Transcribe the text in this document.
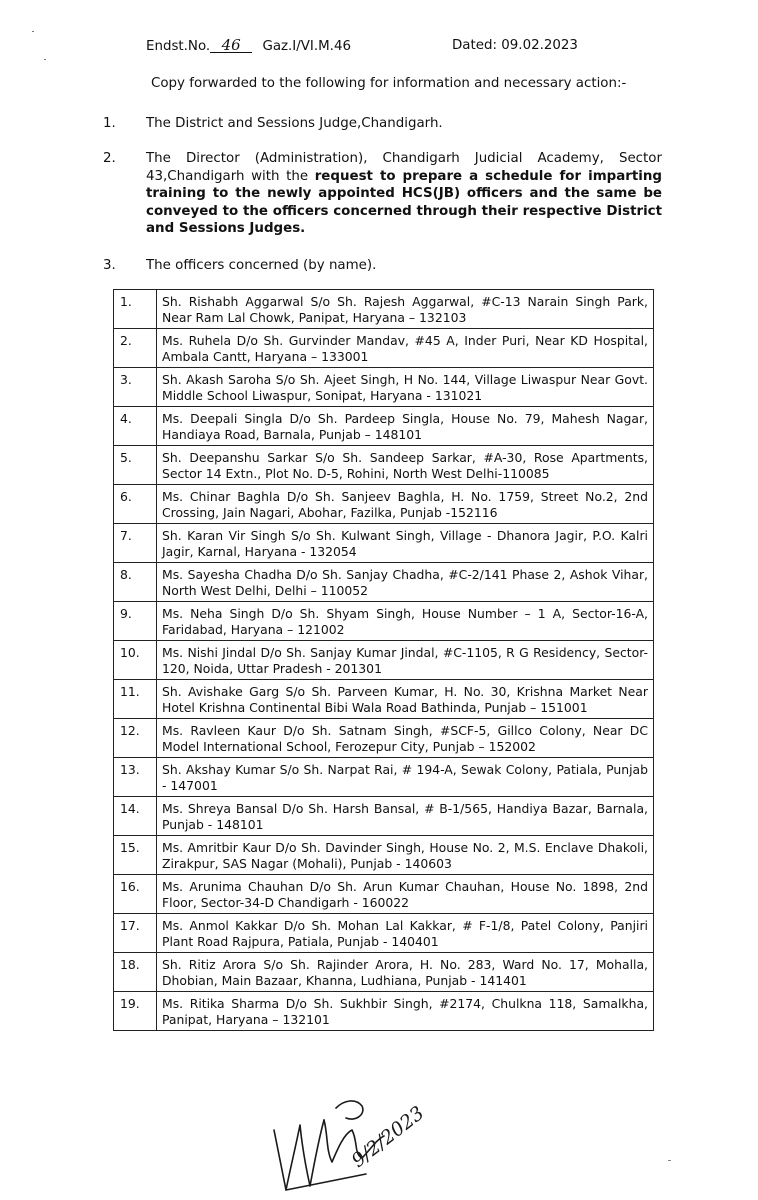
Endst.No. 46 Gaz.I/VI.M.46	Dated: 09.02.2023
Copy forwarded to the following for information and necessary action:-
1. The District and Sessions Judge,Chandigarh.
2. The Director (Administration), Chandigarh Judicial Academy, Sector 43,Chandigarh with the request to prepare a schedule for imparting training to the newly appointed HCS(JB) officers and the same be conveyed to the officers concerned through their respective District and Sessions Judges.
3. The officers concerned (by name).
1.	Sh. Rishabh Aggarwal S/o Sh. Rajesh Aggarwal, #C-13 Narain Singh Park, Near Ram Lal Chowk, Panipat, Haryana – 132103
2.	Ms. Ruhela D/o Sh. Gurvinder Mandav, #45 A, Inder Puri, Near KD Hospital, Ambala Cantt, Haryana – 133001
3.	Sh. Akash Saroha S/o Sh. Ajeet Singh, H No. 144, Village Liwaspur Near Govt. Middle School Liwaspur, Sonipat, Haryana - 131021
4.	Ms. Deepali Singla D/o Sh. Pardeep Singla, House No. 79, Mahesh Nagar, Handiaya Road, Barnala, Punjab – 148101
5.	Sh. Deepanshu Sarkar S/o Sh. Sandeep Sarkar, #A-30, Rose Apartments, Sector 14 Extn., Plot No. D-5, Rohini, North West Delhi-110085
6.	Ms. Chinar Baghla D/o Sh. Sanjeev Baghla, H. No. 1759, Street No.2, 2nd Crossing, Jain Nagari, Abohar, Fazilka, Punjab -152116
7.	Sh. Karan Vir Singh S/o Sh. Kulwant Singh, Village - Dhanora Jagir, P.O. Kalri Jagir, Karnal, Haryana - 132054
8.	Ms. Sayesha Chadha D/o Sh. Sanjay Chadha, #C-2/141 Phase 2, Ashok Vihar, North West Delhi, Delhi – 110052
9.	Ms. Neha Singh D/o Sh. Shyam Singh, House Number – 1 A, Sector-16-A, Faridabad, Haryana – 121002
10.	Ms. Nishi Jindal D/o Sh. Sanjay Kumar Jindal, #C-1105, R G Residency, Sector-120, Noida, Uttar Pradesh - 201301
11.	Sh. Avishake Garg S/o Sh. Parveen Kumar, H. No. 30, Krishna Market Near Hotel Krishna Continental Bibi Wala Road Bathinda, Punjab – 151001
12.	Ms. Ravleen Kaur D/o Sh. Satnam Singh, #SCF-5, Gillco Colony, Near DC Model International School, Ferozepur City, Punjab – 152002
13.	Sh. Akshay Kumar S/o Sh. Narpat Rai, # 194-A, Sewak Colony, Patiala, Punjab - 147001
14.	Ms. Shreya Bansal D/o Sh. Harsh Bansal, # B-1/565, Handiya Bazar, Barnala, Punjab - 148101
15.	Ms. Amritbir Kaur D/o Sh. Davinder Singh, House No. 2, M.S. Enclave Dhakoli, Zirakpur, SAS Nagar (Mohali), Punjab - 140603
16.	Ms. Arunima Chauhan D/o Sh. Arun Kumar Chauhan, House No. 1898, 2nd Floor, Sector-34-D Chandigarh - 160022
17.	Ms. Anmol Kakkar D/o Sh. Mohan Lal Kakkar, # F-1/8, Patel Colony, Panjiri Plant Road Rajpura, Patiala, Punjab - 140401
18.	Sh. Ritiz Arora S/o Sh. Rajinder Arora, H. No. 283, Ward No. 17, Mohalla, Dhobian, Main Bazaar, Khanna, Ludhiana, Punjab - 141401
19.	Ms. Ritika Sharma D/o Sh. Sukhbir Singh, #2174, Chulkna 118, Samalkha, Panipat, Haryana – 132101
9/2/2023
